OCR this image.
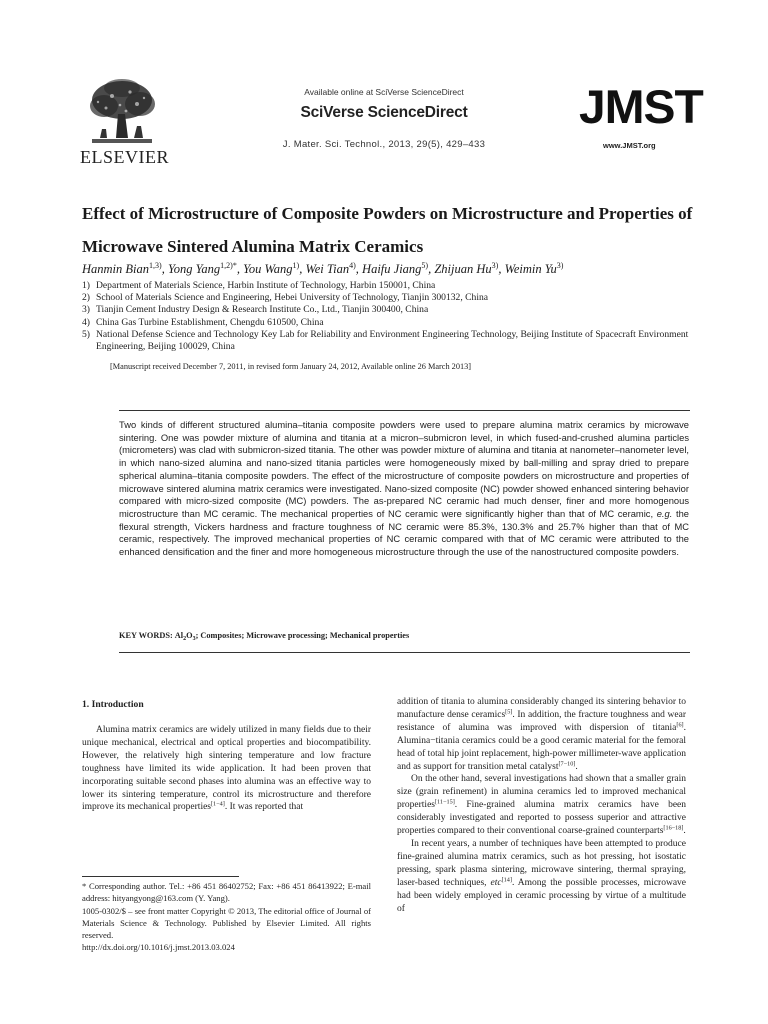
ELSEVIER
Available online at SciVerse ScienceDirect
SciVerse ScienceDirect
J. Mater. Sci. Technol., 2013, 29(5), 429–433
JMST
www.JMST.org
Effect of Microstructure of Composite Powders on Microstructure and Properties of Microwave Sintered Alumina Matrix Ceramics
Hanmin Bian$^{1,3)}$, Yong Yang$^{1,2)*}$, You Wang$^{1)}$, Wei Tian$^{4)}$, Haifu Jiang$^{5)}$, Zhijuan Hu$^{3)}$, Weimin Yu$^{3)}$
1) Department of Materials Science, Harbin Institute of Technology, Harbin 150001, China
2) School of Materials Science and Engineering, Hebei University of Technology, Tianjin 300132, China
3) Tianjin Cement Industry Design & Research Institute Co., Ltd., Tianjin 300400, China
4) China Gas Turbine Establishment, Chengdu 610500, China
5) National Defense Science and Technology Key Lab for Reliability and Environment Engineering Technology, Beijing Institute of Spacecraft Environment Engineering, Beijing 100029, China
[Manuscript received December 7, 2011, in revised form January 24, 2012, Available online 26 March 2013]
Two kinds of different structured alumina–titania composite powders were used to prepare alumina matrix ceramics by microwave sintering. One was powder mixture of alumina and titania at a micron–submicron level, in which fused-and-crushed alumina particles (micrometers) was clad with submicron-sized titania. The other was powder mixture of alumina and titania at nanometer–nanometer level, in which nano-sized alumina and nano-sized titania particles were homogeneously mixed by ball-milling and spray dried to prepare spherical alumina–titania composite powders. The effect of the microstructure of composite powders on microstructure and properties of microwave sintered alumina matrix ceramics were investigated. Nano-sized composite (NC) powder showed enhanced sintering behavior compared with micro-sized composite (MC) powders. The as-prepared NC ceramic had much denser, finer and more homogenous microstructure than MC ceramic. The mechanical properties of NC ceramic were significantly higher than that of MC ceramic, e.g. the flexural strength, Vickers hardness and fracture toughness of NC ceramic were 85.3%, 130.3% and 25.7% higher than that of MC ceramic, respectively. The improved mechanical properties of NC ceramic compared with that of MC ceramic were attributed to the enhanced densification and the finer and more homogeneous microstructure through the use of the nanostructured composite powders.
KEY WORDS: $Al_2O_3$; Composites; Microwave processing; Mechanical properties
1. Introduction

Alumina matrix ceramics are widely utilized in many fields due to their unique mechanical, electrical and optical properties and biocompatibility. However, the relatively high sintering temperature and low fracture toughness have limited its wide application. It had been proven that incorporating suitable second phases into alumina was an effective way to lower its sintering temperature, control its microstructure and therefore improve its mechanical properties[1−4]. It was reported that

addition of titania to alumina considerably changed its sintering behavior to manufacture dense ceramics[5]. In addition, the fracture toughness and wear resistance of alumina was improved with dispersion of titania[6]. Alumina−titania ceramics could be a good ceramic material for the femoral head of total hip joint replacement, high-power millimeter-wave application and as support for transition metal catalyst[7−10].

On the other hand, several investigations had shown that a smaller grain size (grain refinement) in alumina ceramics led to improved mechanical properties[11−15]. Fine-grained alumina matrix ceramics have been considerably investigated and reported to possess superior and attractive properties compared to their conventional coarse-grained counterparts[16−18].

In recent years, a number of techniques have been attempted to produce fine-grained alumina matrix ceramics, such as hot pressing, hot isostatic pressing, spark plasma sintering, microwave sintering, thermal spraying, laser-based techniques, etc[14]. Among the possible processes, microwave had been widely employed in ceramic processing by virtue of a multitude of

* Corresponding author. Tel.: +86 451 86402752; Fax: +86 451 86413922; E-mail address: hityangyong@163.com (Y. Yang).
1005-0302/$ – see front matter Copyright © 2013, The editorial office of Journal of Materials Science & Technology. Published by Elsevier Limited. All rights reserved.
http://dx.doi.org/10.1016/j.jmst.2013.03.024
